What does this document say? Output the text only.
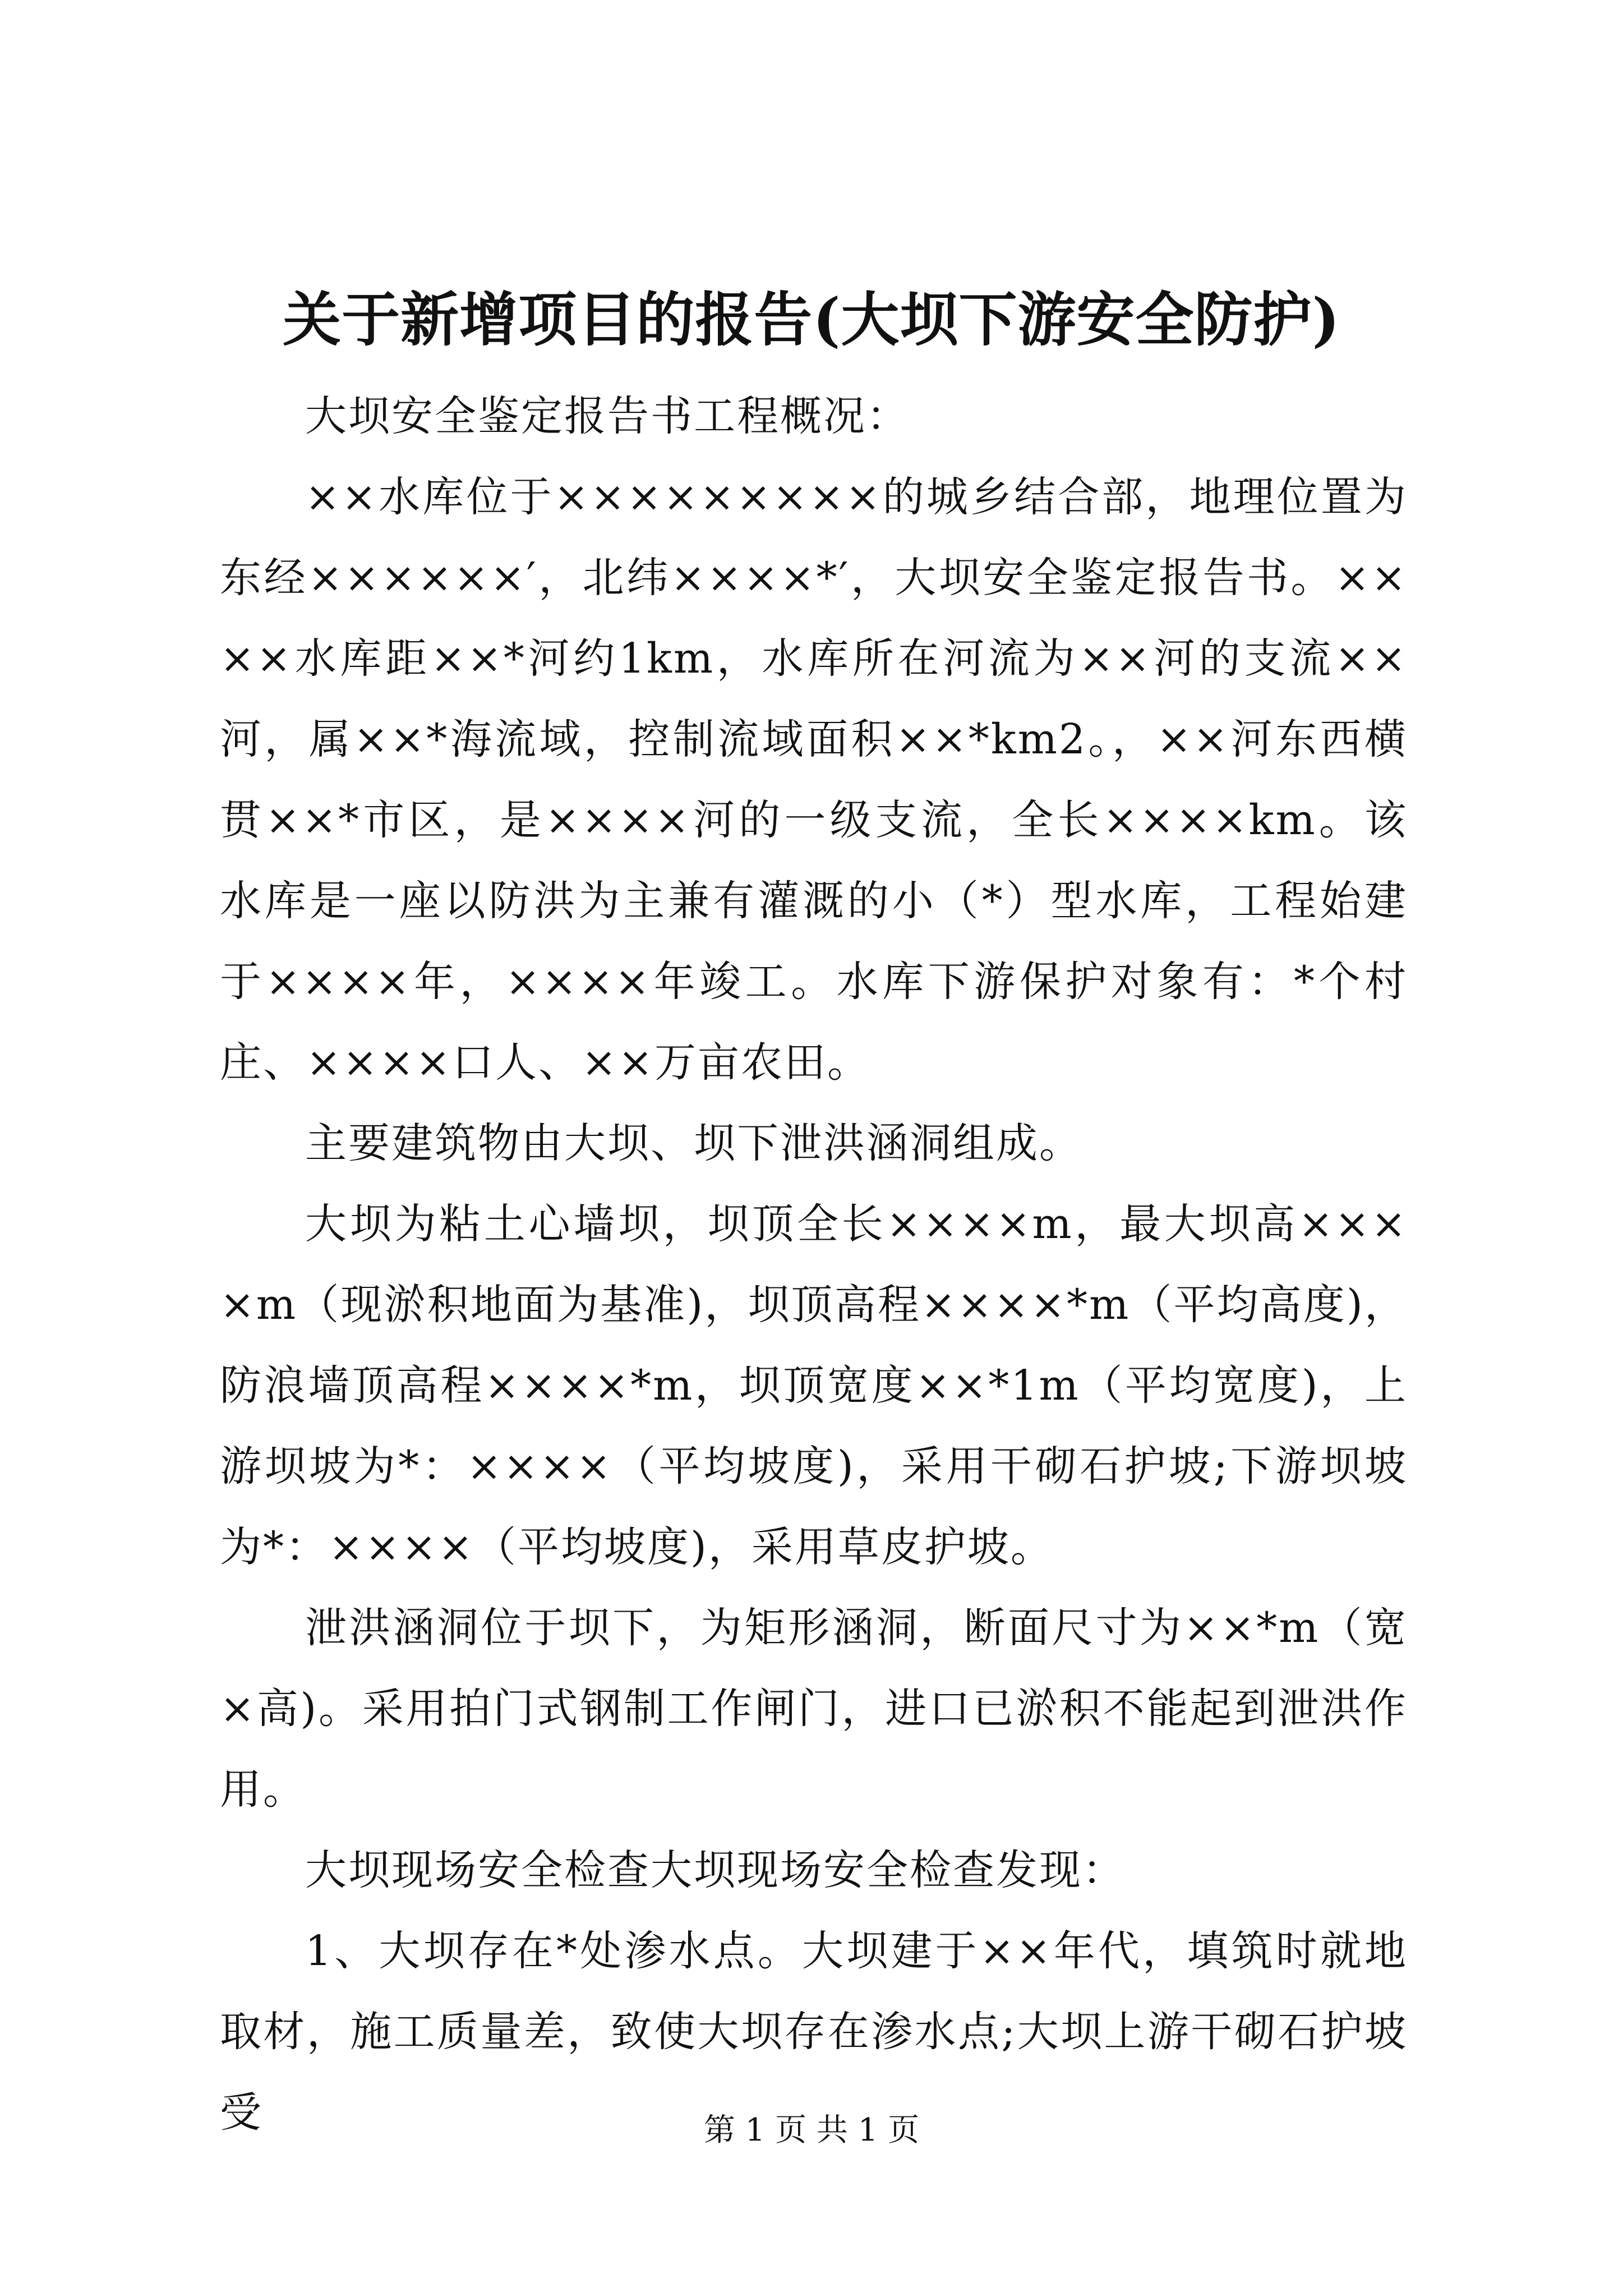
关于新增项目的报告(大坝下游安全防护)

大坝安全鉴定报告书工程概况：

××水库位于×××××××××的城乡结合部，地理位置为东经××××××′，北纬××××*′，大坝安全鉴定报告书。××××水库距××*河约1km，水库所在河流为××河的支流××河，属××*海流域，控制流域面积××*km2。，××河东西横贯××*市区，是××××河的一级支流，全长××××km。该水库是一座以防洪为主兼有灌溉的小（*）型水库，工程始建于××××年，××××年竣工。水库下游保护对象有：*个村庄、××××口人、××万亩农田。

主要建筑物由大坝、坝下泄洪涵洞组成。

大坝为粘土心墙坝，坝顶全长××××m，最大坝高××××m（现淤积地面为基准)，坝顶高程××××*m（平均高度)，防浪墙顶高程××××*m，坝顶宽度××*1m（平均宽度)，上游坝坡为*：××××（平均坡度)，采用干砌石护坡;下游坝坡为*：××××（平均坡度)，采用草皮护坡。

泄洪涵洞位于坝下，为矩形涵洞，断面尺寸为××*m（宽×高)。采用拍门式钢制工作闸门，进口已淤积不能起到泄洪作用。

大坝现场安全检查大坝现场安全检查发现：

1、大坝存在*处渗水点。大坝建于××年代，填筑时就地取材，施工质量差，致使大坝存在渗水点;大坝上游干砌石护坡受	第 1 页 共 1 页
